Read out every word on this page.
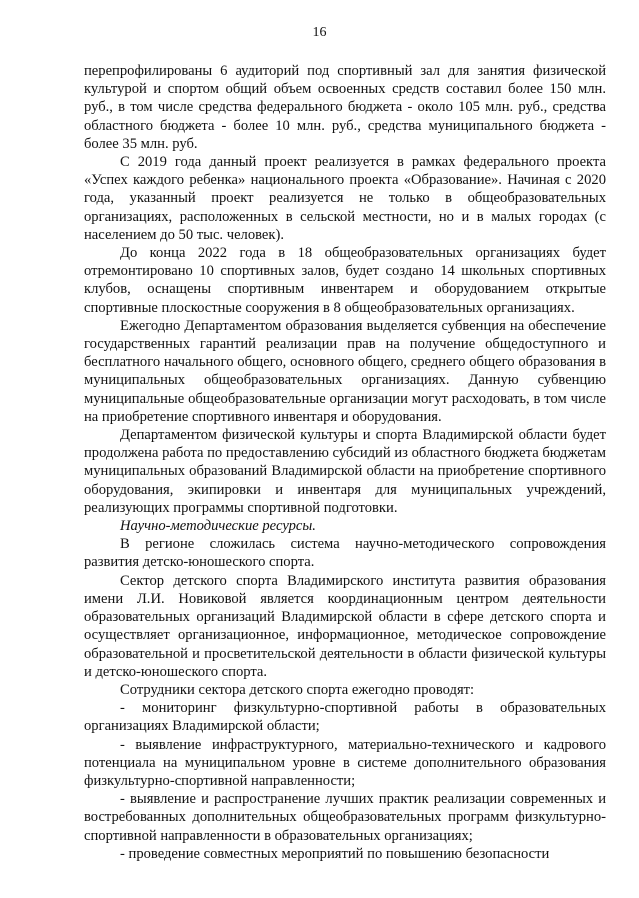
16

перепрофилированы 6 аудиторий под спортивный зал для занятия физической культурой и спортом общий объем освоенных средств составил более 150 млн. руб., в том числе средства федерального бюджета - около 105 млн. руб., средства областного бюджета - более 10 млн. руб., средства муниципального бюджета - более 35 млн. руб.

С 2019 года данный проект реализуется в рамках федерального проекта «Успех каждого ребенка» национального проекта «Образование». Начиная с 2020 года, указанный проект реализуется не только в общеобразовательных организациях, расположенных в сельской местности, но и в малых городах (с населением до 50 тыс. человек).

До конца 2022 года в 18 общеобразовательных организациях будет отремонтировано 10 спортивных залов, будет создано 14 школьных спортивных клубов, оснащены спортивным инвентарем и оборудованием открытые спортивные плоскостные сооружения в 8 общеобразовательных организациях.

Ежегодно Департаментом образования выделяется субвенция на обеспечение государственных гарантий реализации прав на получение общедоступного и бесплатного начального общего, основного общего, среднего общего образования в муниципальных общеобразовательных организациях. Данную субвенцию муниципальные общеобразовательные организации могут расходовать, в том числе на приобретение спортивного инвентаря и оборудования.

Департаментом физической культуры и спорта Владимирской области будет продолжена работа по предоставлению субсидий из областного бюджета бюджетам муниципальных образований Владимирской области на приобретение спортивного оборудования, экипировки и инвентаря для муниципальных учреждений, реализующих программы спортивной подготовки.

Научно-методические ресурсы.

В регионе сложилась система научно-методического сопровождения развития детско-юношеского спорта.

Сектор детского спорта Владимирского института развития образования имени Л.И. Новиковой является координационным центром деятельности образовательных организаций Владимирской области в сфере детского спорта и осуществляет организационное, информационное, методическое сопровождение образовательной и просветительской деятельности в области физической культуры и детско-юношеского спорта.

Сотрудники сектора детского спорта ежегодно проводят:

- мониторинг физкультурно-спортивной работы в образовательных организациях Владимирской области;

- выявление инфраструктурного, материально-технического и кадрового потенциала на муниципальном уровне в системе дополнительного образования физкультурно-спортивной направленности;

- выявление и распространение лучших практик реализации современных и востребованных дополнительных общеобразовательных программ физкультурно-спортивной направленности в образовательных организациях;

- проведение совместных мероприятий по повышению безопасности
